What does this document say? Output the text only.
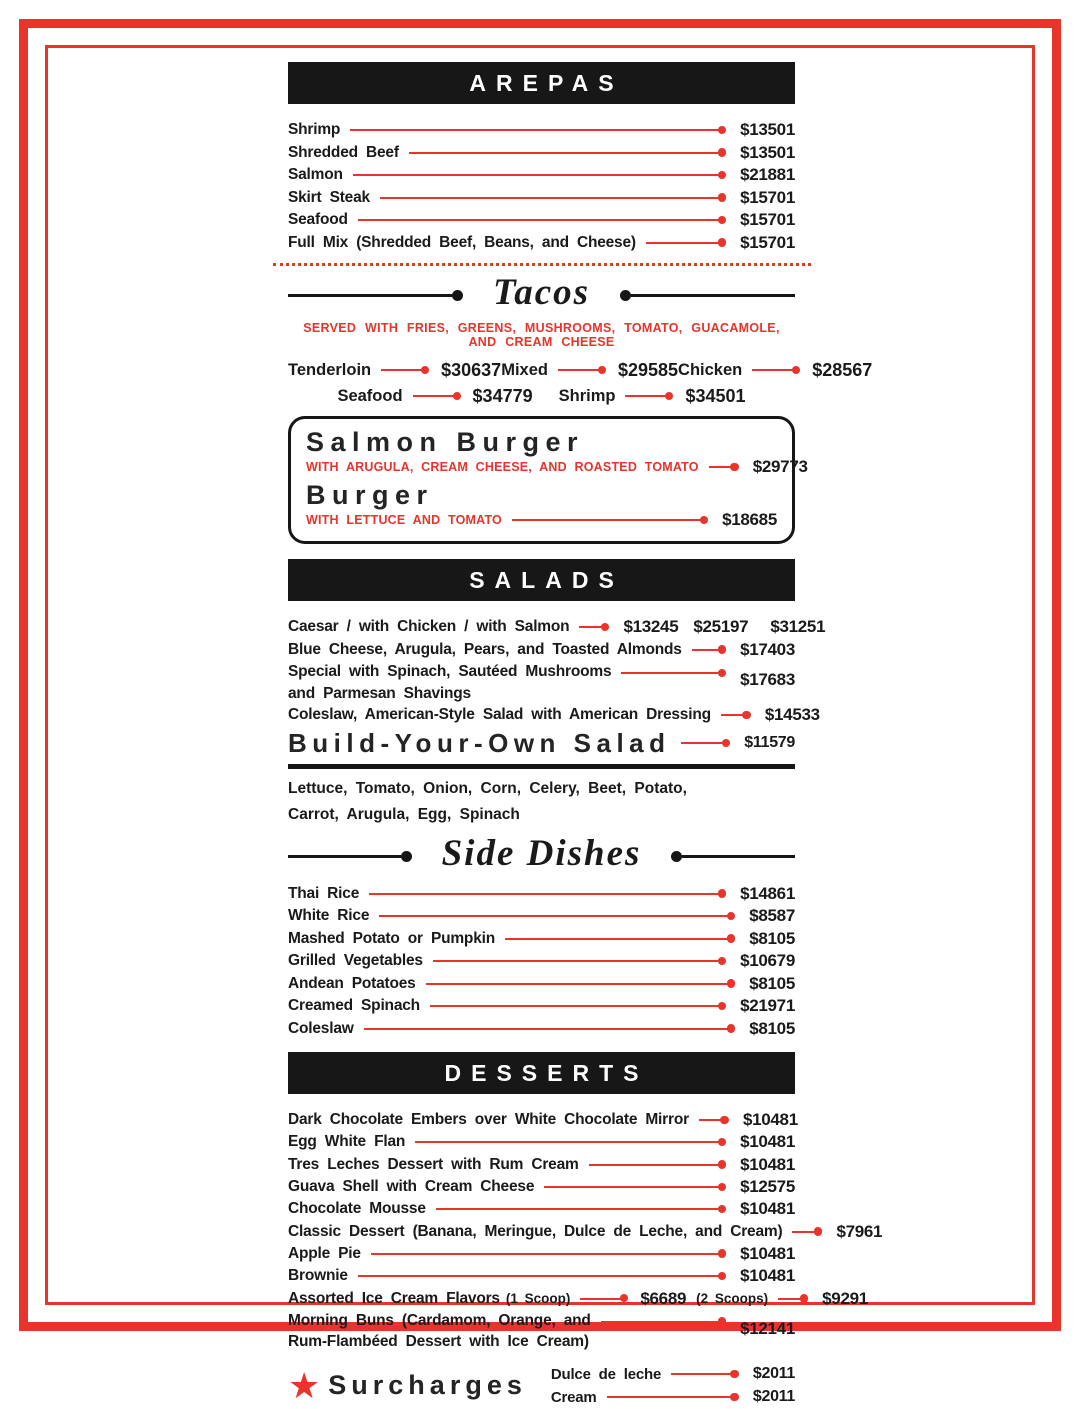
AREPAS
Shrimp	$13501
Shredded Beef	$13501
Salmon	$21881
Skirt Steak	$15701
Seafood	$15701
Full Mix (Shredded Beef, Beans, and Cheese)	$15701
Tacos
SERVED WITH FRIES, GREENS, MUSHROOMS, TOMATO, GUACAMOLE, AND CREAM CHEESE
Tenderloin	$30637 Mixed	$29585 Chicken	$28567
Seafood	$34779 Shrimp	$34501
Salmon Burger
WITH ARUGULA, CREAM CHEESE, AND ROASTED TOMATO	$29773
Burger
WITH LETTUCE AND TOMATO	$18685
SALADS
Caesar / with Chicken / with Salmon	$13245 $25197 $31251
Blue Cheese, Arugula, Pears, and Toasted Almonds	$17403
Special with Spinach, Sautéed Mushrooms
and Parmesan Shavings
$17683
Coleslaw, American-Style Salad with American Dressing	$14533
Build-Your-Own Salad	$11579
Lettuce, Tomato, Onion, Corn, Celery, Beet, Potato,
Carrot, Arugula, Egg, Spinach
Side Dishes
Thai Rice	$14861
White Rice	$8587
Mashed Potato or Pumpkin	$8105
Grilled Vegetables	$10679
Andean Potatoes	$8105
Creamed Spinach	$21971
Coleslaw	$8105
DESSERTS
Dark Chocolate Embers over White Chocolate Mirror	$10481
Egg White Flan	$10481
Tres Leches Dessert with Rum Cream	$10481
Guava Shell with Cream Cheese	$12575
Chocolate Mousse	$10481
Classic Dessert (Banana, Meringue, Dulce de Leche, and Cream)	$7961
Apple Pie	$10481
Brownie	$10481
Assorted Ice Cream Flavors (1 Scoop)	$6689 (2 Scoops)	$9291
Morning Buns (Cardamom, Orange, and
Rum-Flambéed Dessert with Ice Cream)
$12141
★ Surcharges Dulce de leche	$2011
Cream	$2011
